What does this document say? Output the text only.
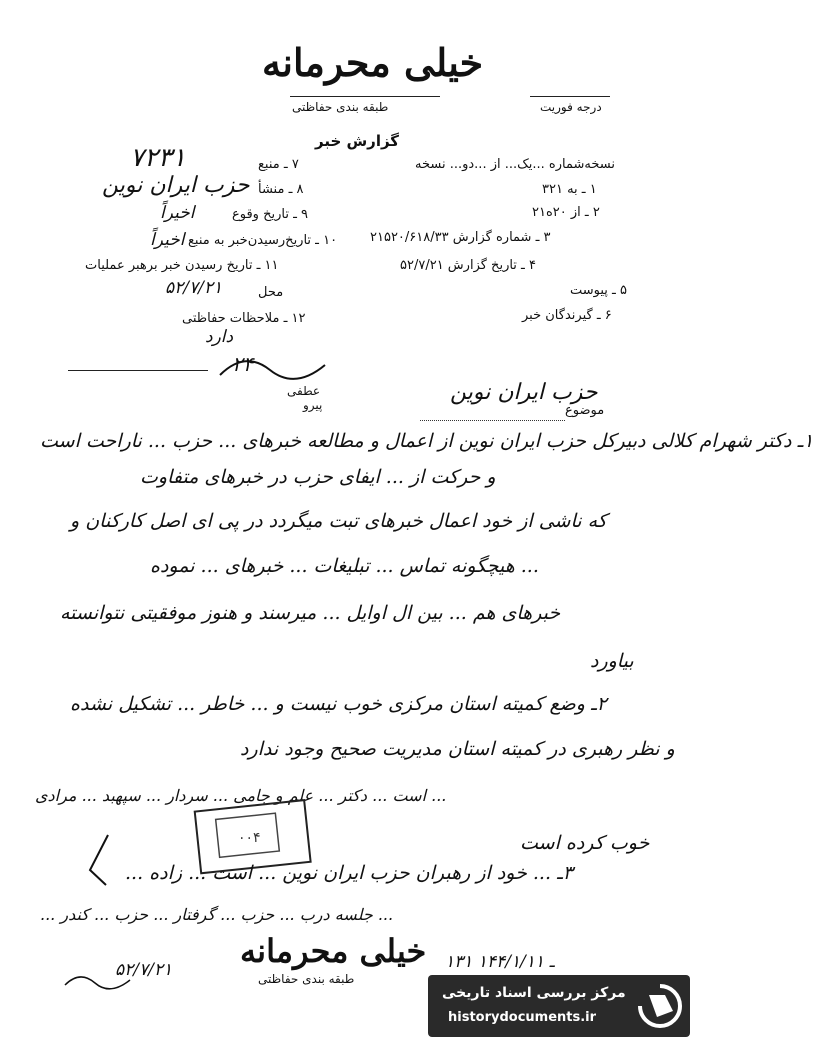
خیلی محرمانه
طبقه بندی حفاظتی	درجه فوریت
گزارش خبر
نسخه‌شماره ...یک... از ...دو... نسخه
۱ ـ به ۳۲۱
۲ ـ از ۲۰ه۲۱
۳ ـ شماره گزارش ۲۱۵۲۰/۶۱۸/۳۳
۴ ـ تاریخ گزارش ۵۲/۷/۲۱
۵ ـ پیوست
۶ ـ گیرندگان خبر
۷۲۳۱	۷ ـ منبع
حزب ایران نوین ۸ ـ منشأ
اخیراً	۹ ـ تاریخ وقوع
اخیراً ۱۰ ـ تاریخ‌رسیدن‌خبر به منبع
۱۱ ـ تاریخ رسیدن خبر برهبر عملیات
محل
۵۲/۷/۲۱
۱۲ ـ ملاحظات حفاظتی
دارد
۲۴
عطفی
پیرو	موضوع
حزب ایران نوین
۱ـ دکتر شهرام کلالی دبیرکل حزب ایران نوین از اعمال و مطالعه خبرهای ... حزب ... ناراحت است
و حرکت از ... ایفای حزب در خبرهای متفاوت
که ناشی از خود اعمال خبرهای تبت میگردد در پی ای اصل کارکنان و
... هیچگونه تماس ... تبلیغات ... خبرهای ... نموده
خبرهای هم ... بین ال اوایل ... میرسند و هنوز موفقیتی نتوانسته
بیاورد
۲ـ وضع کمیته استان مرکزی خوب نیست و ... خاطر ... تشکیل نشده
و نظر رهبری در کمیته استان مدیریت صحیح وجود ندارد
... است ... دکتر ... علم و جامی ... سردار ... سپهبد ... مرادی
خوب کرده است
۰۰۴
۳ـ ... خود از رهبران حزب ایران نوین ... است ... زاده ...
... جلسه درب ... حزب ... گرفتار ... حزب ... کندر ...
خیلی محرمانه
طبقه بندی حفاظتی
۵۲/۷/۲۱	۱۳۱ ـ ۱۴۴/۱/۱۱
مرکز بررسی اسناد تاریخی
historydocuments.ir
